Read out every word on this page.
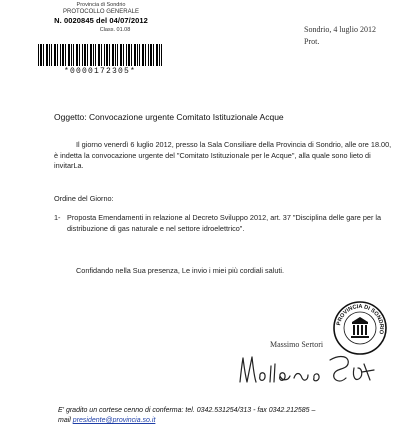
Provincia di Sondrio
PROTOCOLLO GENERALE
N. 0020845 del 04/07/2012
Class. 01.08
*0000172305*
Sondrio, 4 luglio 2012
Prot.
Oggetto: Convocazione urgente Comitato Istituzionale Acque
Il giorno venerdì 6 luglio 2012, presso la Sala Consiliare della Provincia di Sondrio, alle ore 18.00, è indetta la convocazione urgente del "Comitato Istituzionale per le Acque", alla quale sono lieto di invitarLa.
Ordine del Giorno:
1- Proposta Emendamenti in relazione al Decreto Sviluppo 2012, art. 37 "Disciplina delle gare per la distribuzione di gas naturale e nel settore idroelettrico".
Confidando nella Sua presenza, Le invio i miei più cordiali saluti.
PROVINCIA DI SONDRIO
Massimo Sertori
Massimo Sertori
E' gradito un cortese cenno di conferma: tel. 0342.531254/313 - fax 0342.212585 –
mail presidente@provincia.so.it
